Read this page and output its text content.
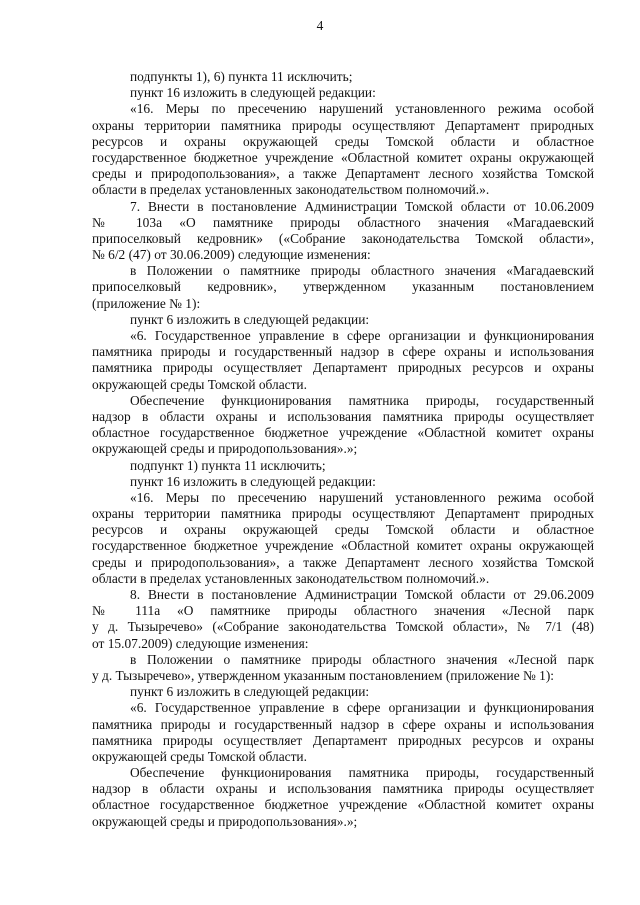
4
подпункты 1), 6) пункта 11 исключить;
пункт 16 изложить в следующей редакции:
«16. Меры по пресечению нарушений установленного режима особой
охраны территории памятника природы осуществляют Департамент природных
ресурсов и охраны окружающей среды Томской области и областное
государственное бюджетное учреждение «Областной комитет охраны окружающей
среды и природопользования», а также Департамент лесного хозяйства Томской
области в пределах установленных законодательством полномочий.».
7. Внести в постановление Администрации Томской области от 10.06.2009
№ 103а «О памятнике природы областного значения «Магадаевский
припоселковый кедровник» («Собрание законодательства Томской области»,
№ 6/2 (47) от 30.06.2009) следующие изменения:
в Положении о памятнике природы областного значения «Магадаевский
припоселковый кедровник», утвержденном указанным постановлением
(приложение № 1):
пункт 6 изложить в следующей редакции:
«6. Государственное управление в сфере организации и функционирования
памятника природы и государственный надзор в сфере охраны и использования
памятника природы осуществляет Департамент природных ресурсов и охраны
окружающей среды Томской области.
Обеспечение функционирования памятника природы, государственный
надзор в области охраны и использования памятника природы осуществляет
областное государственное бюджетное учреждение «Областной комитет охраны
окружающей среды и природопользования».»;
подпункт 1) пункта 11 исключить;
пункт 16 изложить в следующей редакции:
«16. Меры по пресечению нарушений установленного режима особой
охраны территории памятника природы осуществляют Департамент природных
ресурсов и охраны окружающей среды Томской области и областное
государственное бюджетное учреждение «Областной комитет охраны окружающей
среды и природопользования», а также Департамент лесного хозяйства Томской
области в пределах установленных законодательством полномочий.».
8. Внести в постановление Администрации Томской области от 29.06.2009
№ 111а «О памятнике природы областного значения «Лесной парк
у д. Тызыречево» («Собрание законодательства Томской области», № 7/1 (48)
от 15.07.2009) следующие изменения:
в Положении о памятнике природы областного значения «Лесной парк
у д. Тызыречево», утвержденном указанным постановлением (приложение № 1):
пункт 6 изложить в следующей редакции:
«6. Государственное управление в сфере организации и функционирования
памятника природы и государственный надзор в сфере охраны и использования
памятника природы осуществляет Департамент природных ресурсов и охраны
окружающей среды Томской области.
Обеспечение функционирования памятника природы, государственный
надзор в области охраны и использования памятника природы осуществляет
областное государственное бюджетное учреждение «Областной комитет охраны
окружающей среды и природопользования».»;
